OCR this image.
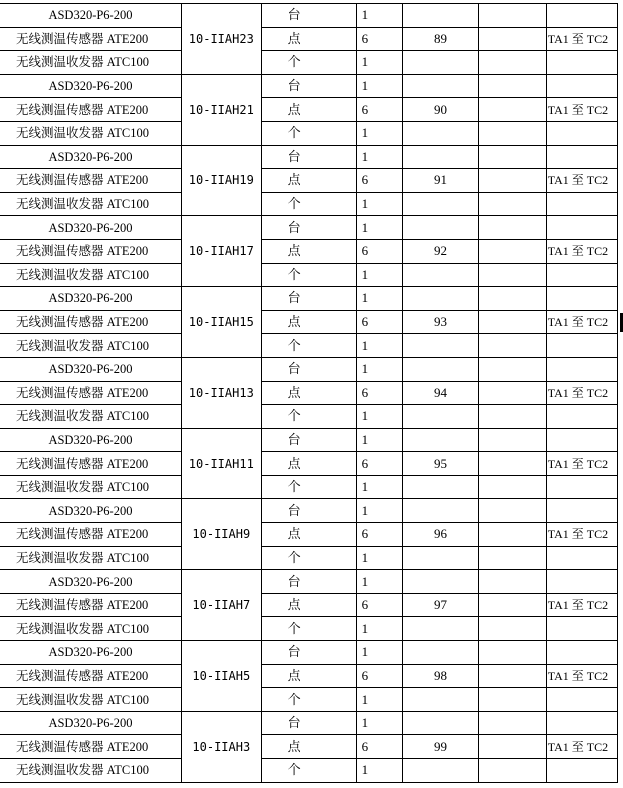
ASD320-P6-200	10-IIAH23	台	1				
无线测温传感器 ATE200		点	6	89		TA1 至 TC2	
无线测温收发器 ATC100		个	1				
ASD320-P6-200	10-IIAH21	台	1				
无线测温传感器 ATE200		点	6	90		TA1 至 TC2	
无线测温收发器 ATC100		个	1				
ASD320-P6-200	10-IIAH19	台	1				
无线测温传感器 ATE200		点	6	91		TA1 至 TC2	
无线测温收发器 ATC100		个	1				
ASD320-P6-200	10-IIAH17	台	1				
无线测温传感器 ATE200		点	6	92		TA1 至 TC2	
无线测温收发器 ATC100		个	1				
ASD320-P6-200	10-IIAH15	台	1				
无线测温传感器 ATE200		点	6	93		TA1 至 TC2	
无线测温收发器 ATC100		个	1				
ASD320-P6-200	10-IIAH13	台	1				
无线测温传感器 ATE200		点	6	94		TA1 至 TC2	
无线测温收发器 ATC100		个	1				
ASD320-P6-200	10-IIAH11	台	1				
无线测温传感器 ATE200		点	6	95		TA1 至 TC2	
无线测温收发器 ATC100		个	1				
ASD320-P6-200	10-IIAH9	台	1				
无线测温传感器 ATE200		点	6	96		TA1 至 TC2	
无线测温收发器 ATC100		个	1				
ASD320-P6-200	10-IIAH7	台	1				
无线测温传感器 ATE200		点	6	97		TA1 至 TC2	
无线测温收发器 ATC100		个	1				
ASD320-P6-200	10-IIAH5	台	1				
无线测温传感器 ATE200		点	6	98		TA1 至 TC2	
无线测温收发器 ATC100		个	1				
ASD320-P6-200	10-IIAH3	台	1				
无线测温传感器 ATE200		点	6	99		TA1 至 TC2	
无线测温收发器 ATC100		个	1				
